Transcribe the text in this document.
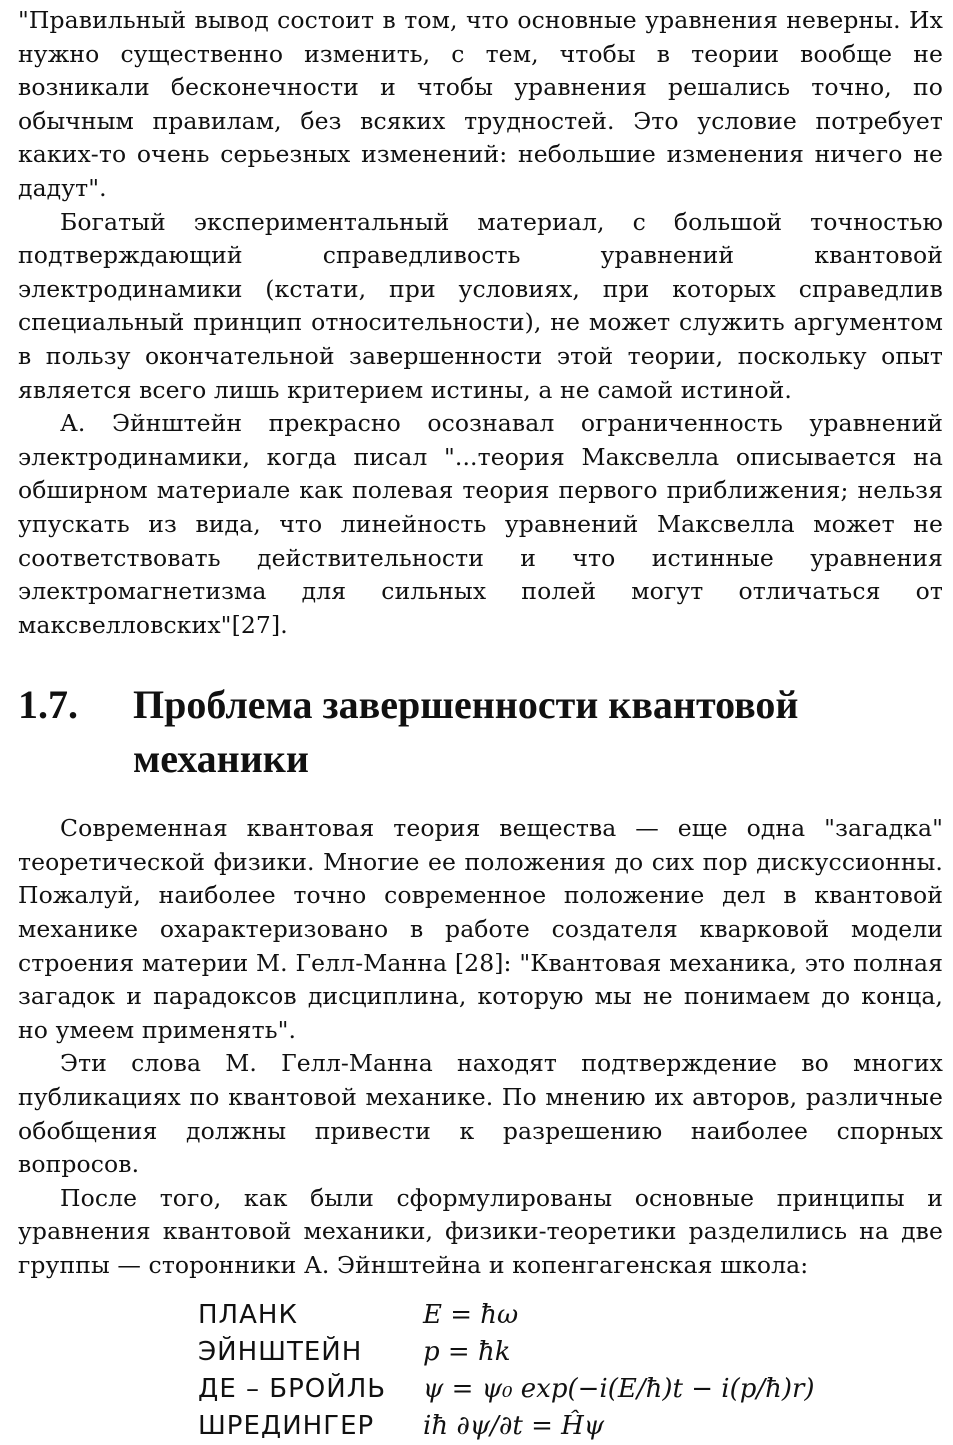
"Правильный вывод состоит в том, что основные уравнения неверны. Их нужно существенно изменить, с тем, чтобы в теории вообще не возникали бесконечности и чтобы уравнения решались точно, по обычным правилам, без всяких трудностей. Это условие потребует каких-то очень серьезных изменений: небольшие изменения ничего не дадут".

Богатый экспериментальный материал, с большой точностью подтверждающий справедливость уравнений квантовой электродинамики (кстати, при условиях, при которых справедлив специальный принцип относительности), не может служить аргументом в пользу окончательной завершенности этой теории, поскольку опыт является всего лишь критерием истины, а не самой истиной.

А. Эйнштейн прекрасно осознавал ограниченность уравнений электродинамики, когда писал "...теория Максвелла описывается на обширном материале как полевая теория первого приближения; нельзя упускать из вида, что линейность уравнений Максвелла может не соответствовать действительности и что истинные уравнения электромагнетизма для сильных полей могут отличаться от максвелловских"[27].

1.7.	Проблема завершенности квантовой механики

Современная квантовая теория вещества — еще одна "загадка" теоретической физики. Многие ее положения до сих пор дискуссионны. Пожалуй, наиболее точно современное положение дел в квантовой механике охарактеризовано в работе создателя кварковой модели строения материи М. Гелл-Манна [28]: "Квантовая механика, это полная загадок и парадоксов дисциплина, которую мы не понимаем до конца, но умеем применять".

Эти слова М. Гелл-Манна находят подтверждение во многих публикациях по квантовой механике. По мнению их авторов, различные обобщения должны привести к разрешению наиболее спорных вопросов.

После того, как были сформулированы основные принципы и уравнения квантовой механики, физики-теоретики разделились на две группы — сторонники А. Эйнштейна и копенгагенская школа:

ПЛАНК	E = ħω
ЭЙНШТЕЙН	p = ħk
ДЕ – БРОЙЛЬ	ψ = ψ₀ exp(−i(E/ħ)t − i(p/ħ)r)
ШРЕДИНГЕР	iħ ∂ψ/∂t = Ĥψ
